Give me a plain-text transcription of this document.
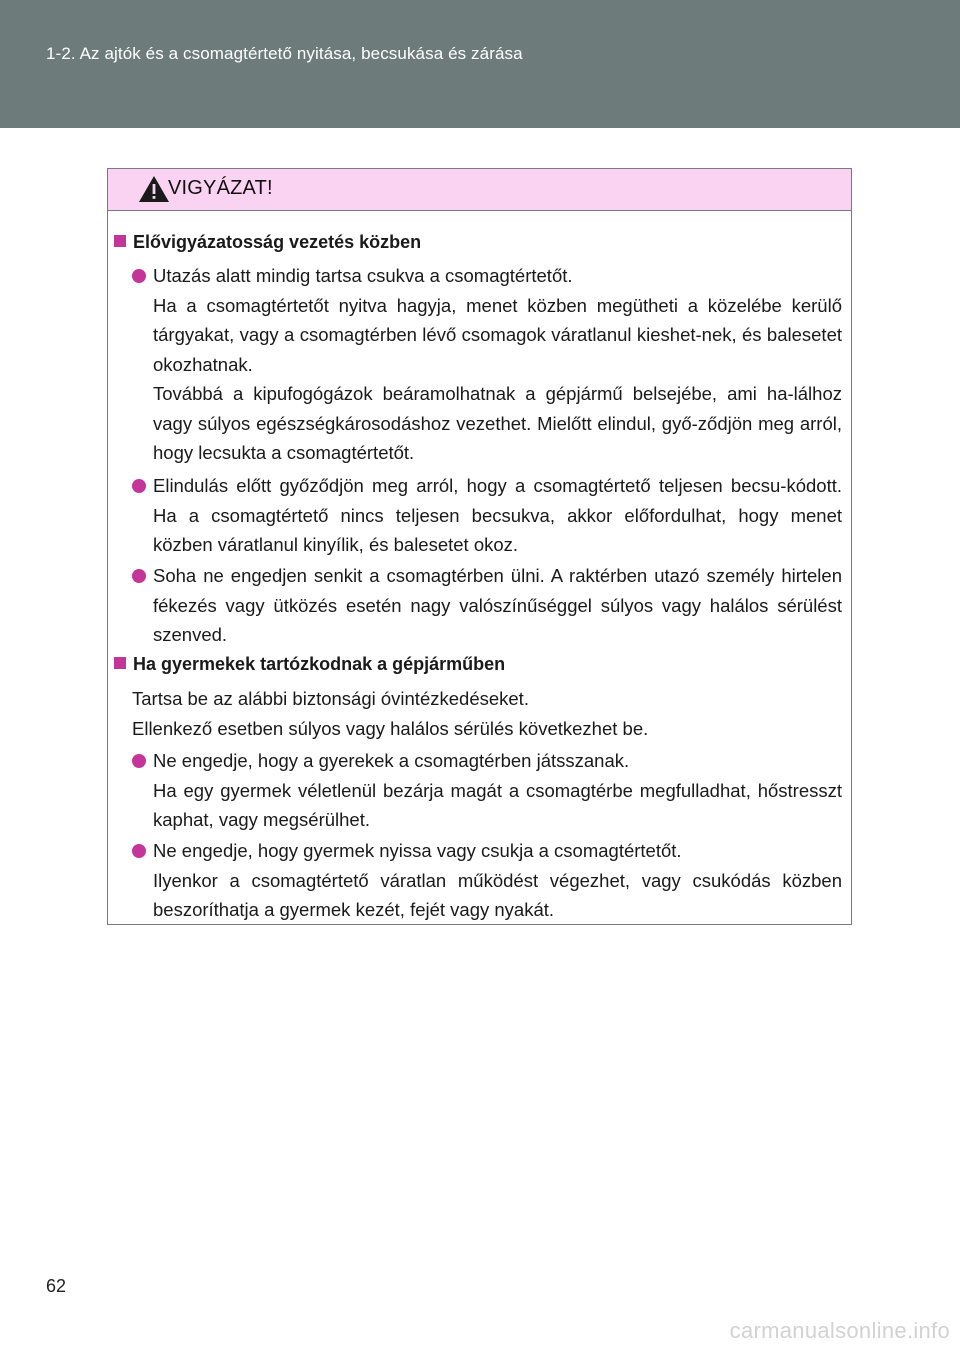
1-2. Az ajtók és a csomagtértető nyitása, becsukása és zárása
VIGYÁZAT!
Elővigyázatosság vezetés közben

Utazás alatt mindig tartsa csukva a csomagtértetőt.

Ha a csomagtértetőt nyitva hagyja, menet közben megütheti a közelébe kerülő tárgyakat, vagy a csomagtérben lévő csomagok váratlanul kieshet-nek, és balesetet okozhatnak.

Továbbá a kipufogógázok beáramolhatnak a gépjármű belsejébe, ami ha-lálhoz vagy súlyos egészségkárosodáshoz vezethet. Mielőtt elindul, győ-ződjön meg arról, hogy lecsukta a csomagtértetőt.

Elindulás előtt győződjön meg arról, hogy a csomagtértető teljesen becsu-kódott. Ha a csomagtértető nincs teljesen becsukva, akkor előfordulhat, hogy menet közben váratlanul kinyílik, és balesetet okoz.

Soha ne engedjen senkit a csomagtérben ülni. A raktérben utazó személy hirtelen fékezés vagy ütközés esetén nagy valószínűséggel súlyos vagy halálos sérülést szenved.

Ha gyermekek tartózkodnak a gépjárműben

Tartsa be az alábbi biztonsági óvintézkedéseket.

Ellenkező esetben súlyos vagy halálos sérülés következhet be.

Ne engedje, hogy a gyerekek a csomagtérben játsszanak.

Ha egy gyermek véletlenül bezárja magát a csomagtérbe megfulladhat, hőstresszt kaphat, vagy megsérülhet.

Ne engedje, hogy gyermek nyissa vagy csukja a csomagtértetőt.

Ilyenkor a csomagtértető váratlan működést végezhet, vagy csukódás közben beszoríthatja a gyermek kezét, fejét vagy nyakát.

62
carmanualsonline.info
